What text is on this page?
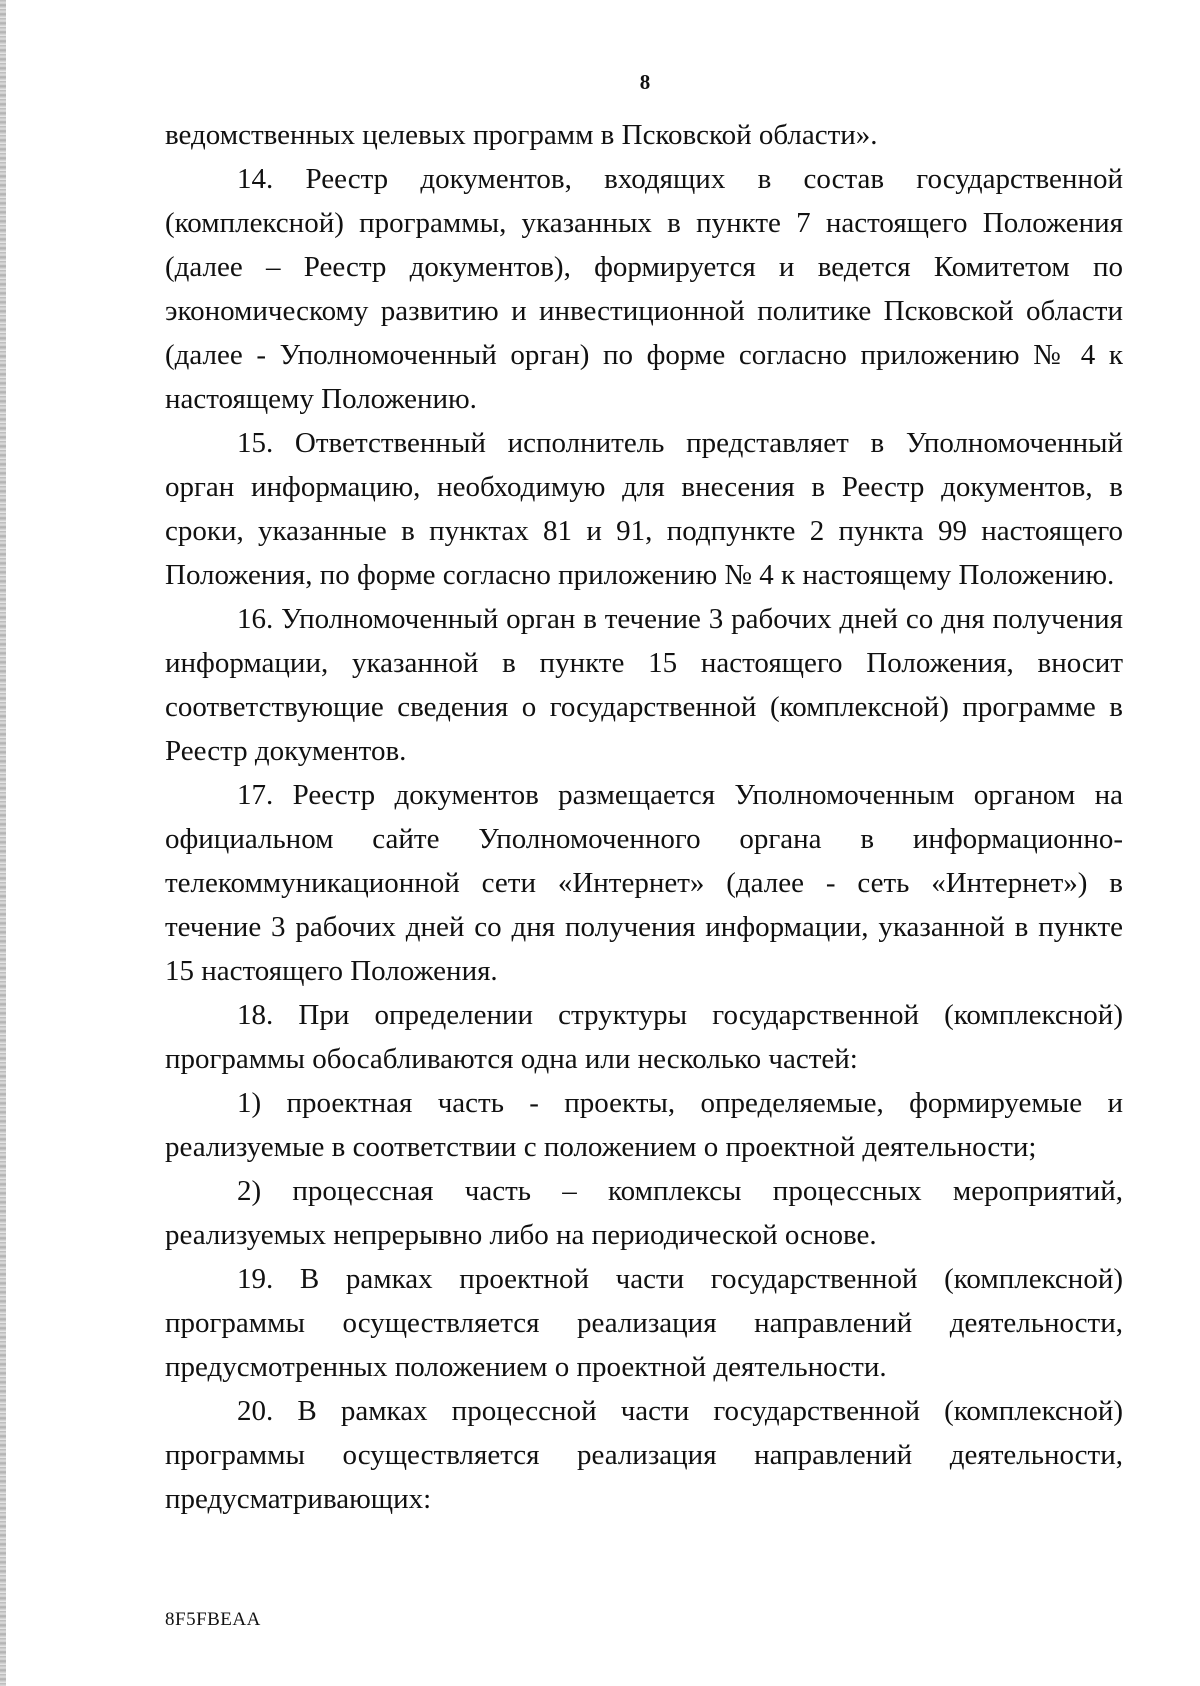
8

ведомственных целевых программ в Псковской области».

14. Реестр документов, входящих в состав государственной (комплексной) программы, указанных в пункте 7 настоящего Положения (далее – Реестр документов), формируется и ведется Комитетом по экономическому развитию и инвестиционной политике Псковской области (далее - Уполномоченный орган) по форме согласно приложению № 4 к настоящему Положению.

15. Ответственный исполнитель представляет в Уполномоченный орган информацию, необходимую для внесения в Реестр документов, в сроки, указанные в пунктах 81 и 91, подпункте 2 пункта 99 настоящего Положения, по форме согласно приложению № 4 к настоящему Положению.

16. Уполномоченный орган в течение 3 рабочих дней со дня получения информации, указанной в пункте 15 настоящего Положения, вносит соответствующие сведения о государственной (комплексной) программе в Реестр документов.

17. Реестр документов размещается Уполномоченным органом на официальном сайте Уполномоченного органа в информационно-телекоммуникационной сети «Интернет» (далее - сеть «Интернет») в течение 3 рабочих дней со дня получения информации, указанной в пункте 15 настоящего Положения.

18. При определении структуры государственной (комплексной) программы обосабливаются одна или несколько частей:

1) проектная часть - проекты, определяемые, формируемые и реализуемые в соответствии с положением о проектной деятельности;

2) процессная часть – комплексы процессных мероприятий, реализуемых непрерывно либо на периодической основе.

19. В рамках проектной части государственной (комплексной) программы осуществляется реализация направлений деятельности, предусмотренных положением о проектной деятельности.

20. В рамках процессной части государственной (комплексной) программы осуществляется реализация направлений деятельности, предусматривающих:

8F5FBEAA
